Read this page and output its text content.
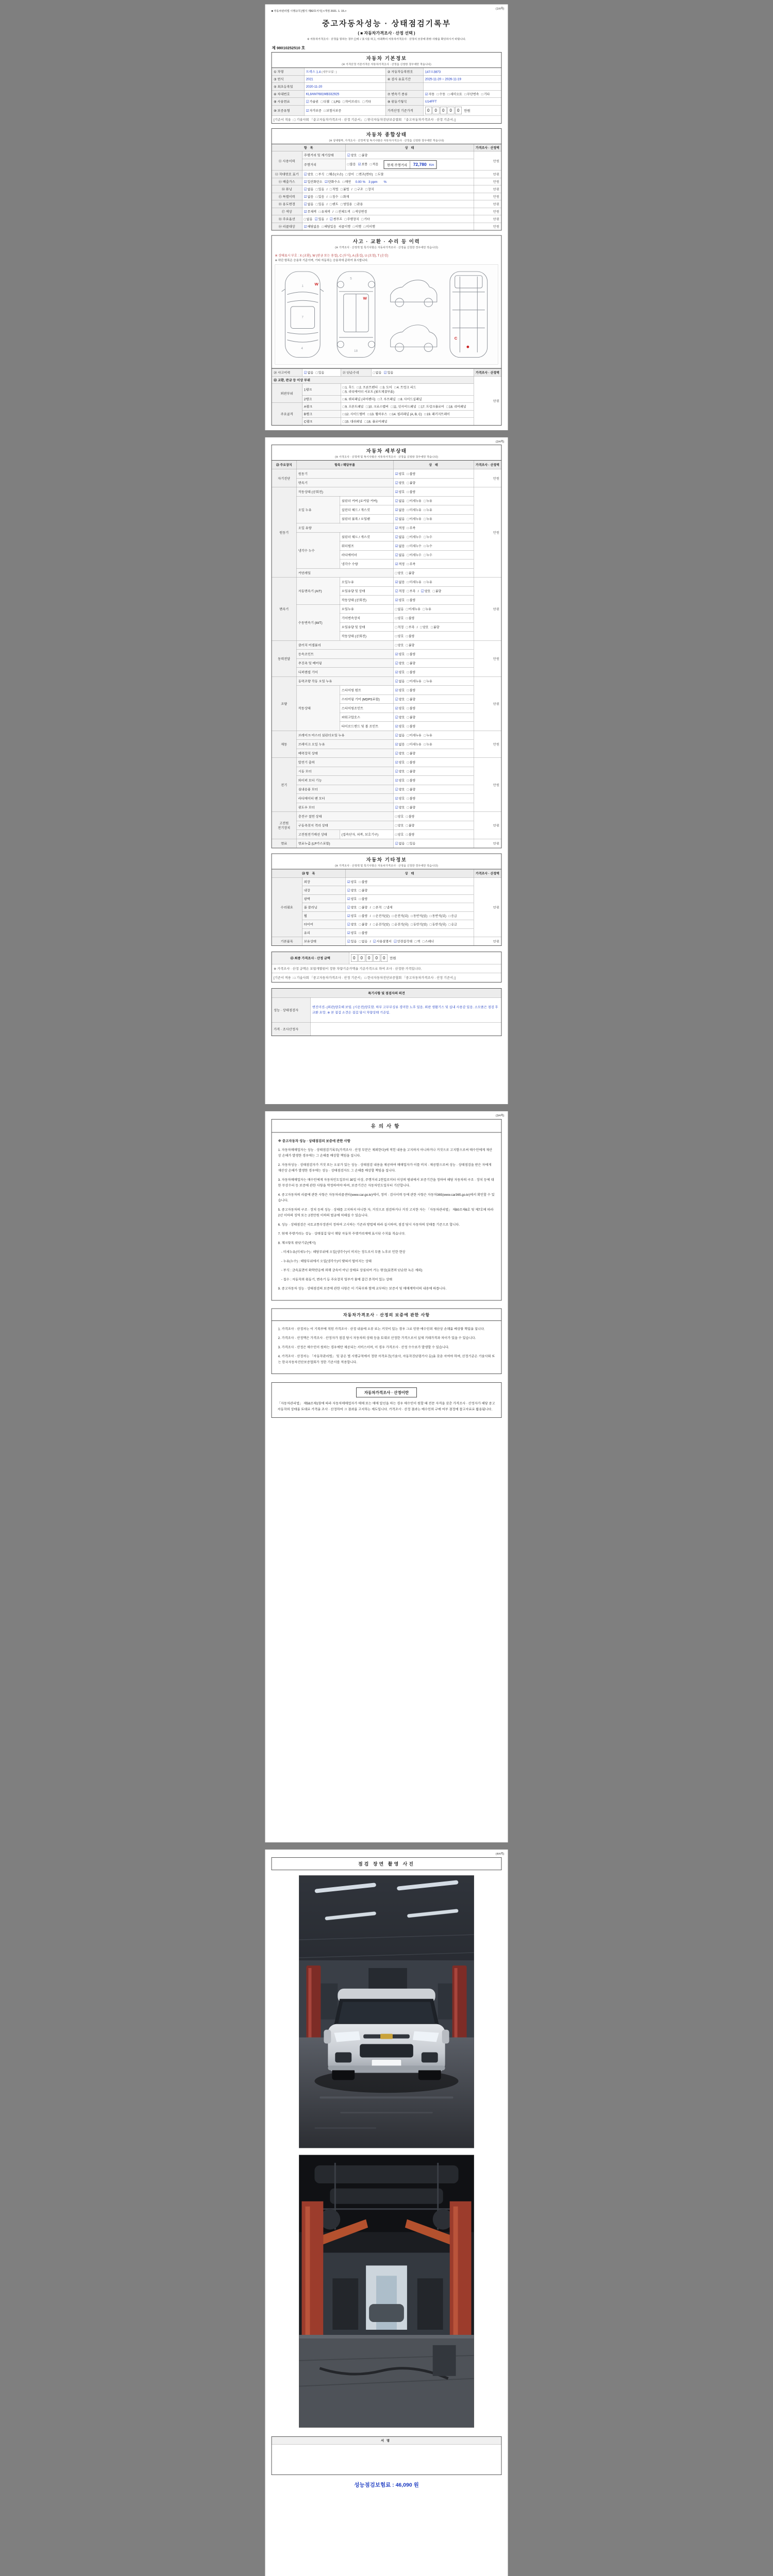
■ 자동차관리법 시행규칙 [별지 제82호서식] <개정 2021. 1. 15.>
(1/4쪽)
중고자동차성능 · 상태점검기록부
( ■ 자동차가격조사 · 산정 선택 )
※ 자동차가격조사 · 산정을 원하는 경우 [ ]에 √ 표시를 하고, 아래쪽의 자동차가격조사 · 산정의 보증에 관한 사항을 확인하시기 바랍니다.
제 98010252510 호
자동차 기본정보
(※ 가격산정 기준가격은 자동차가격조사 · 산정을 신청한 경우에만 적습니다)
① 차명	트랙스 1.4 (세부모델 : )	② 자동차등록번호	147소3873
③ 연식	2021	④ 검사 유효기간	2025-11-20 ~ 2026-11-19
⑤ 최초등록일	2020-11-20		
⑥ 차대번호	KL8AM7681MB332925	⑦ 변속기 종류	☑자동 □수동 □세미오토 □무단변속 □기타
⑧ 사용연료	☑가솔린 □디젤 □LPG □하이브리드 □기타	⑨ 원동기형식	U14FFT
⑩ 보증유형	☑자가보증 □보험사보증	가격산정 기준가격	0 0 0 0 0 만원
[기준서 적용 : □ 기술사회 「중고자동차가격조사 · 산정 기준서」 □ 한국자동차진단보증협회 「중고자동차가격조사 · 산정 기준서」]			
자동차 종합상태
(※ 상태항목, 가격조사 · 산정액 및 특기사항은 자동차가격조사 · 산정을 신청한 경우에만 적습니다)
항　목		상　태	가격조사 · 산정액
⑪ 사용이력	주행거리 및 계기상태	☑양호 □불량	만원
	주행거리	□많음 ☑보통 □적음 현재 주행거리 72,780 Km	

⑫ 차대번호 표기	☑양호 □부식 □훼손(오손) □상이 □변조(변타) □도말		만원
⑬ 배출가스	☑일산화탄소 ☑탄화수소 □매연 0.00 %ㅤ3 ppmㅤㅤ%		만원
⑭ 튜닝	☑없음 □있음 / □적법 □불법 / □구조 □장치		만원
⑮ 특별이력	☑없음 □있음 / □침수 □화재		만원
⑯ 용도변경	☑없음 □있음 / □렌트 □영업용 □관용		만원
⑰ 색상	☑무채색 □유채색 / □전체도색 □색상변경		만원
⑱ 주요옵션	□없음 ☑있음 / ☑썬루프 □주행장치 □기타		만원
⑲ 리콜대상	☑해당없음 □해당있음 리콜이행 □이행 □미이행		만원
사고 · 교환 · 수리 등 이력
(※ 가격조사 · 산정액 및 특기사항은 자동차가격조사 · 산정을 신청한 경우에만 적습니다)
※ 상태표시 부호 : X (교환), W (판금 또는 용접), C (부식), A (흠집), U (요철), T (손상)
※ 하단 항목은 승용차 기준이며, 기타 자동차는 승용차에 준하여 표시합니다.
1
7
4
5
18
W
W
C
⑳ 사고이력	☑없음 □있음	㉑ 단순수리	□없음 ☑있음	가격조사 · 산정액
㉒ 교환, 판금 등 이상 부위				만원
외판부위	1랭크	□1. 후드 □2. 프론트펜더 □3. 도어 □4. 트렁크 리드□5. 라디에이터 서포트 (볼트체결부품)		
	2랭크	□6. 쿼터패널 (리어펜더) □7. 루프패널 □8. 사이드실패널		
주요골격	A랭크	□9. 프론트패널 □10. 크로스멤버 □11. 인사이드패널 □17. 트렁크플로어 □18. 리어패널		
	B랭크	□12. 사이드멤버 □13. 휠하우스 □14. 필러패널 (A, B, C) □19. 패키지트레이		
	C랭크	□15. 대쉬패널 □16. 플로어패널		
(2/4쪽)
자동차 세부상태
(※ 가격조사 · 산정액 및 특기사항은 자동차가격조사 · 산정을 신청한 경우에만 적습니다)
㉓ 주요장치	항목 / 해당부품		상　태	가격조사 · 산정액
자기진단	원동기		☑양호 □불량	만원
	변속기		☑양호 □불량	
원동기	작동상태 (공회전)		☑양호 □불량	만원
	오일 누유	실린더 커버 (로커암 커버)	☑없음 □미세누유 □누유	
		실린더 헤드 / 개스킷	☑없음 □미세누유 □누유	
		실린더 블록 / 오일팬	☑없음 □미세누유 □누유	
	오일 유량		☑적정 □부족	
	냉각수 누수	실린더 헤드 / 개스킷	☑없음 □미세누수 □누수	
		워터펌프	☑없음 □미세누수 □누수	
		라디에이터	☑없음 □미세누수 □누수	
		냉각수 수량	☑적정 □부족	
	커먼레일		□양호 □불량	
변속기	자동변속기 (A/T)	오일누유	☑없음 □미세누유 □누유	만원
		오일유량 및 상태	☑적정 □부족 / ☑양호 □불량	
		작동상태 (공회전)	☑양호 □불량	
	수동변속기 (M/T)	오일누유	□없음 □미세누유 □누유	
		기어변속장치	□양호 □불량	
		오일유량 및 상태	□적정 □부족 / □양호 □불량	
		작동상태 (공회전)	□양호 □불량	
동력전달	클러치 어셈블리		□양호 □불량	만원
	등속조인트		☑양호 □불량	
	추진축 및 베어링		☑양호 □불량	
	디퍼렌셜 기어		☑양호 □불량	
조향	동력조향 작동 오일 누유		☑없음 □미세누유 □누유	만원
	작동상태	스티어링 펌프	☑양호 □불량	
		스티어링 기어 (MDPS포함)	☑양호 □불량	
		스티어링조인트	☑양호 □불량	
		파워고압호스	☑양호 □불량	
		타이로드엔드 및 볼 조인트	☑양호 □불량	
제동	브레이크 마스터 실린더오일 누유		☑없음 □미세누유 □누유	만원
	브레이크 오일 누유		☑없음 □미세누유 □누유	
	배력장치 상태		☑양호 □불량	
전기	발전기 출력		☑양호 □불량	만원
	시동 모터		☑양호 □불량	
	와이퍼 모터 기능		☑양호 □불량	
	실내송풍 모터		☑양호 □불량	
	라디에이터 팬 모터		☑양호 □불량	
	윈도우 모터		☑양호 □불량	
고전원 전기장치	충전구 절연 상태		□양호 □불량	만원
	구동축전지 격리 상태		□양호 □불량	
	고전원전기배선 상태	(접속단자, 피복, 보호기구)	□양호 □불량	
연료	연료누출 (LP가스포함)		☑없음 □있음	만원
자동차 기타정보
(※ 가격조사 · 산정액 및 특기사항은 자동차가격조사 · 산정을 신청한 경우에만 적습니다)
㉔ 항　목		상　태	가격조사 · 산정액
수리필요	외장	☑양호 □불량	만원
	내장	☑양호 □불량	
	광택	☑양호 □불량	
	룸 클리닝	☑양호 □불량 / □흔적 □냄새	
	휠	☑양호 □불량 / □운전석(앞) □운전석(뒤) □동반석(앞) □동반석(뒤) □응급	
	타이어	☑양호 □불량 / □운전석(앞) □운전석(뒤) □동반석(앞) □동반석(뒤) □응급	
	유리	☑양호 □불량	
기본품목	보유상태	☑있음 □없음 / ☑사용설명서 ☑안전삼각대 □잭 □스패너	만원
㉕ 최종 가격조사 · 산정 금액	0 0 0 0 0 만원
※ 가격조사 · 산정 금액은 보험개발원이 정한 차량기준가액을 기준가격으로 하여 조사 · 산정한 가격입니다.
[기준서 적용 : □ 기술사회 「중고자동차가격조사 · 산정 기준서」 □ 한국자동차진단보증협회 「중고자동차가격조사 · 산정 기준서」]
특기사항 및 점검자의 의견	
성능 · 상태점검자	엔진미션- (외관)양호해 보임. (시운전)양호함. 하부 고무부싱류 경미한 노후 있음. 외판 생활기스 및 실내 사용감 있음. 소모품은 점검 후 교환 요망. ※ 본 점검 소견은 점검 당시 차량상태 기준임.
가격 · 조사산정자	
(3/4쪽)
유의사항
※ 중고자동차 성능 · 상태점검의 보증에 관한 사항
1. 자동차매매업자는 성능 · 상태점검기록부(가격조사 · 산정 부분은 제외한다)에 적힌 내용을 고지하지 아니하거나 거짓으로 고지함으로써 매수인에게 재산상 손해가 발생한 경우에는 그 손해를 배상할 책임을 집니다.
2. 자동차성능 · 상태점검자가 거짓 또는 오류가 있는 성능 · 상태점검 내용을 제공하여 매매업자가 이를 비치 · 제공함으로써 성능 · 상태점검을 받은 자에게 재산상 손해가 발생한 경우에는 성능 · 상태점검자도 그 손해를 배상할 책임을 집니다.
3. 자동차매매업자는 매수인에게 자동차인도일부터 30일 이상, 주행거리 2천킬로미터 이상의 범위에서 보증기간을 정하여 해당 자동차의 구조 · 장치 등에 대한 무상수리 등 보증에 관한 사항을 약정하여야 하며, 보증기간은 자동차인도일부터 기산합니다.
4. 중고자동차의 리콜에 관한 사항은 자동차리콜센터(www.car.go.kr)에서, 정비 · 검사이력 등에 관한 사항은 자동차365(www.car365.go.kr)에서 확인할 수 있습니다.
5. 중고자동차의 구조 · 장치 등의 성능 · 상태를 고지하지 아니한 자, 거짓으로 점검하거나 거짓 고지한 자는 「자동차관리법」 제80조제6호 및 제7호에 따라 2년 이하의 징역 또는 2천만원 이하의 벌금에 처해질 수 있습니다.
6. 성능 · 상태점검은 국토교통부장관이 정하여 고시하는 기준과 방법에 따라 실시하며, 점검 당시 자동차의 상태를 기준으로 합니다.
7. 현재 주행거리는 성능 · 상태점검 당시 해당 자동차 주행거리계에 표시된 수치를 적습니다.
8. 체크항목 판단기준(예시)
　- 미세누유(미세누수) : 해당부위에 오일(냉각수)이 비치는 정도로서 부품 노후로 인한 현상
　- 누유(누수) : 해당부위에서 오일(냉각수)이 맺혀서 떨어지는 상태
　- 부식 : 금속표면이 화학반응에 의해 금속이 아닌 상태로 상실되어 가는 현상(표면의 단순한 녹은 제외)
　- 침수 : 자동차의 원동기, 변속기 등 주요장치 일부가 물에 잠긴 흔적이 있는 상태
9. 중고자동차 성능 · 상태점검의 보증에 관한 사항은 이 기록부와 함께 교부하는 보증서 및 매매계약서의 내용에 따릅니다.
자동차가격조사 · 산정의 보증에 관한 사항
1. 가격조사 · 산정자는 이 기록부에 적힌 가격조사 · 산정 내용에 오류 또는 거짓이 있는 경우 그로 인한 매수인의 재산상 손해를 배상할 책임을 집니다.
2. 가격조사 · 산정액은 가격조사 · 산정자가 점검 당시 자동차의 상태 등을 토대로 산정한 가격으로서 실제 거래가격과 차이가 있을 수 있습니다.
3. 가격조사 · 산정은 매수인이 원하는 경우에만 제공되는 서비스이며, 이 경우 가격조사 · 산정 수수료가 발생할 수 있습니다.
4. 가격조사 · 산정자는 「자동차관리법」 및 같은 법 시행규칙에서 정한 자격요건(기술사, 자동차진단평가사 등)을 갖춘 자여야 하며, 산정기준은 기술사회 또는 한국자동차진단보증협회가 정한 기준서를 적용합니다.
자동차가격조사 · 산정이란
「자동차관리법」 제58조제1항에 따라 자동차매매업자가 매매 또는 매매 알선을 하는 경우 매수인이 원할 때 전문 자격을 갖춘 가격조사 · 산정자가 해당 중고자동차의 상태를 토대로 가격을 조사 · 산정하여 그 결과를 고지하는 제도입니다. 가격조사 · 산정 결과는 매수인의 구매 여부 결정에 참고자료로 활용됩니다.
(4/4쪽)
점검 장면 촬영 사진
서명

성능점검보험료 : 46,090 원
